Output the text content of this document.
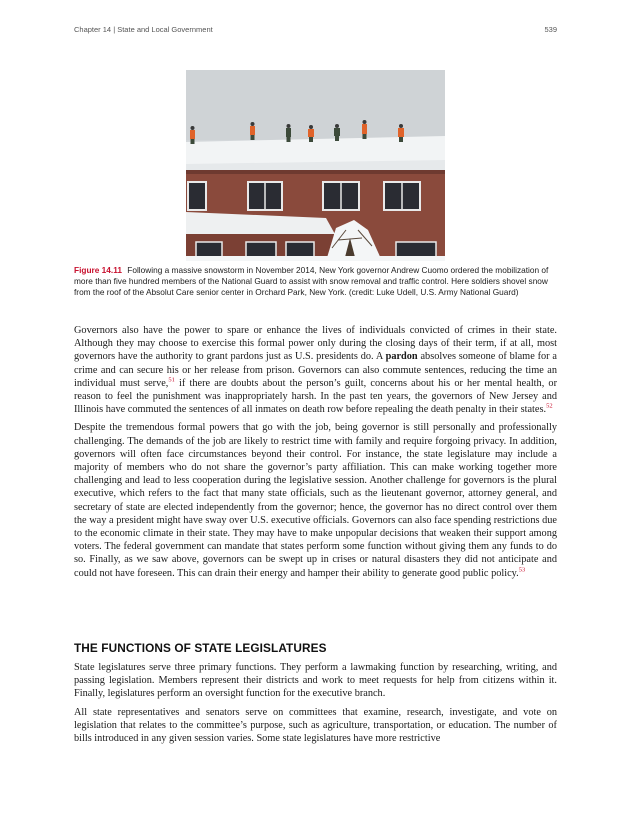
Chapter 14 | State and Local Government	539
Figure 14.11 Following a massive snowstorm in November 2014, New York governor Andrew Cuomo ordered the mobilization of more than five hundred members of the National Guard to assist with snow removal and traffic control. Here soldiers shovel snow from the roof of the Absolut Care senior center in Orchard Park, New York. (credit: Luke Udell, U.S. Army National Guard)

Governors also have the power to spare or enhance the lives of individuals convicted of crimes in their state. Although they may choose to exercise this formal power only during the closing days of their term, if at all, most governors have the authority to grant pardons just as U.S. presidents do. A pardon absolves someone of blame for a crime and can secure his or her release from prison. Governors can also commute sentences, reducing the time an individual must serve,$^{51}$ if there are doubts about the person’s guilt, concerns about his or her mental health, or reason to feel the punishment was inappropriately harsh. In the past ten years, the governors of New Jersey and Illinois have commuted the sentences of all inmates on death row before repealing the death penalty in their states.$^{52}$

Despite the tremendous formal powers that go with the job, being governor is still personally and professionally challenging. The demands of the job are likely to restrict time with family and require forgoing privacy. In addition, governors will often face circumstances beyond their control. For instance, the state legislature may include a majority of members who do not share the governor’s party affiliation. This can make working together more challenging and lead to less cooperation during the legislative session. Another challenge for governors is the plural executive, which refers to the fact that many state officials, such as the lieutenant governor, attorney general, and secretary of state are elected independently from the governor; hence, the governor has no direct control over them the way a president might have sway over U.S. executive officials. Governors can also face spending restrictions due to the economic climate in their state. They may have to make unpopular decisions that weaken their support among voters. The federal government can mandate that states perform some function without giving them any funds to do so. Finally, as we saw above, governors can be swept up in crises or natural disasters they did not anticipate and could not have foreseen. This can drain their energy and hamper their ability to generate good public policy.$^{53}$

THE FUNCTIONS OF STATE LEGISLATURES

State legislatures serve three primary functions. They perform a lawmaking function by researching, writing, and passing legislation. Members represent their districts and work to meet requests for help from citizens within it. Finally, legislatures perform an oversight function for the executive branch.

All state representatives and senators serve on committees that examine, research, investigate, and vote on legislation that relates to the committee’s purpose, such as agriculture, transportation, or education. The number of bills introduced in any given session varies. Some state legislatures have more restrictive
